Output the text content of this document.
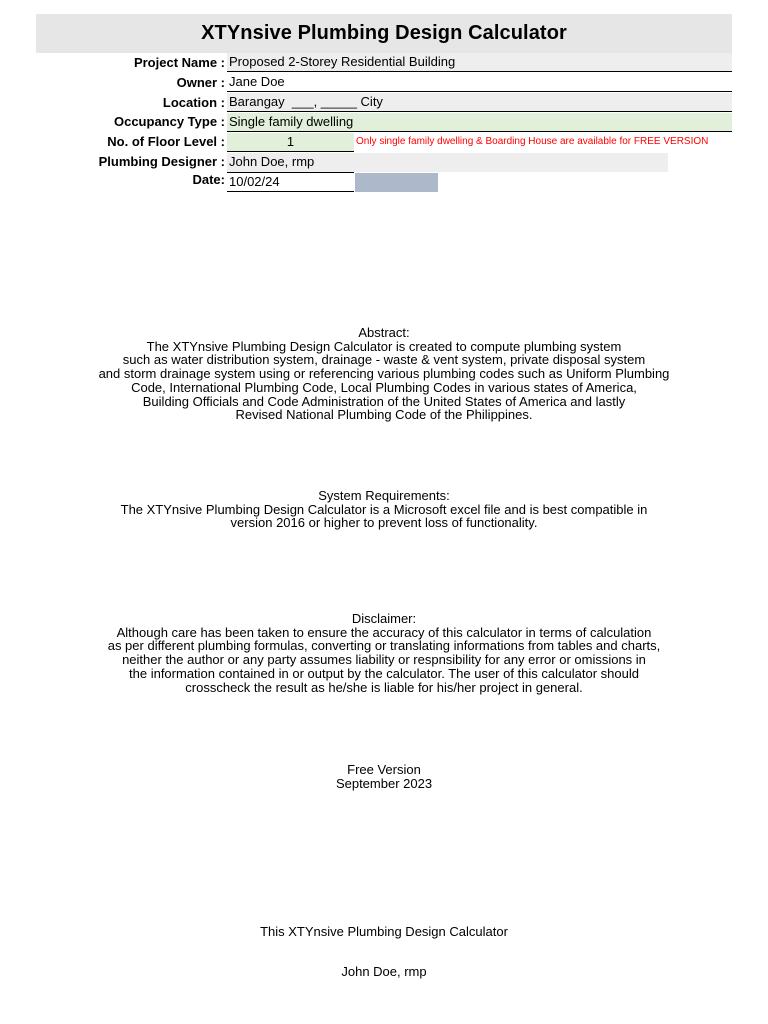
XTYnsive Plumbing Design Calculator
Project Name : Proposed 2-Storey Residential Building
Owner : Jane Doe
Location : Barangay  ___, _____ City
Occupancy Type : Single family dwelling
No. of Floor Level :	1	Only single family dwelling & Boarding House are available for FREE VERSION
Plumbing Designer : John Doe, rmp
Date: 10/02/24

Abstract:

The XTYnsive Plumbing Design Calculator is created to compute plumbing system

such as water distribution system, drainage - waste & vent system, private disposal system

and storm drainage system using or referencing various plumbing codes such as Uniform Plumbing

Code, International Plumbing Code, Local Plumbing Codes in various states of America,

Building Officials and Code Administration of the United States of America and lastly

Revised National Plumbing Code of the Philippines.

System Requirements:

The XTYnsive Plumbing Design Calculator is a Microsoft excel file and is best compatible in

version 2016 or higher to prevent loss of functionality.

Disclaimer:

Although care has been taken to ensure the accuracy of this calculator in terms of calculation

as per different plumbing formulas, converting or translating informations from tables and charts,

neither the author or any party assumes liability or respnsibility for any error or omissions in

the information contained in or output by the calculator. The user of this calculator should

crosscheck the result as he/she is liable for his/her project in general.

Free Version

September 2023

This XTYnsive Plumbing Design Calculator

John Doe, rmp
